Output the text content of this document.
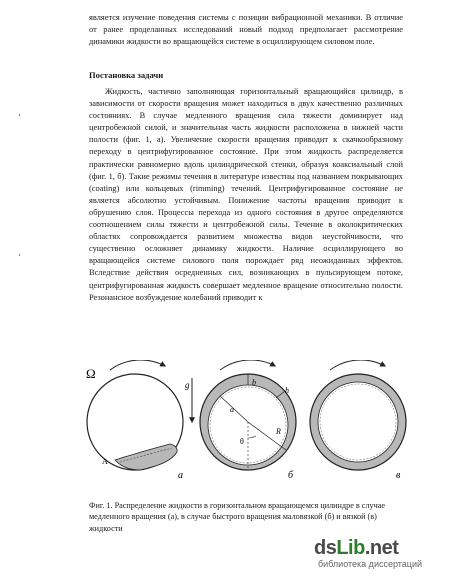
является изучение поведения системы с позиции вибрационной механики. В отличие от ранее проделанных исследований новый подход предполагает рассмотрение динамики жидкости во вращающейся системе в осциллирующем силовом поле.

Постановка задачи

Жидкость, частично заполняющая горизонтальный вращающийся цилиндр, в зависимости от скорости вращения может находиться в двух качественно различных состояниях. В случае медленного вращения сила тяжести доминирует над центробежной силой, и значительная часть жидкости расположена в нижней части полости (фиг. 1, а). Увеличение скорости вращения приводит к скачкообразному переходу в центрифугированное состояние. При этом жидкость распределяется практически равномерно вдоль цилиндрической стенки, образуя коаксиальный слой (фиг. 1, б). Такие режимы течения в литературе известны под названием покрывающих (coating) или кольцевых (rimming) течений. Центрифугированное состояние не является абсолютно устойчивым. Понижение частоты вращения приводит к обрушению слоя. Процессы перехода из одного состояния в другое определяются соотношением силы тяжести и центробежной силы. Течение в околокритических областях сопровождается развитием множества видов неустойчивости, что существенно осложняет динамику жидкости. Наличие осциллирующего во вращающейся системе силового поля порождает ряд неожиданных эффектов. Вследствие действия осредненных сил, возникающих в пульсирующем потоке, центрифугированная жидкость совершает медленное вращение относительно полости. Резонансное возбуждение колебаний приводит к

ʻ
ʻ
Ω
A
а
g	b
h
a
θ
R
б	в

Фиг. 1. Распределение жидкости в горизонтальном вращающемся цилиндре в случае медленного вращения (а), в случае быстрого вращения маловязкой (б) и вязкой (в) жидкости

dsLib.net
библиотека диссертаций
